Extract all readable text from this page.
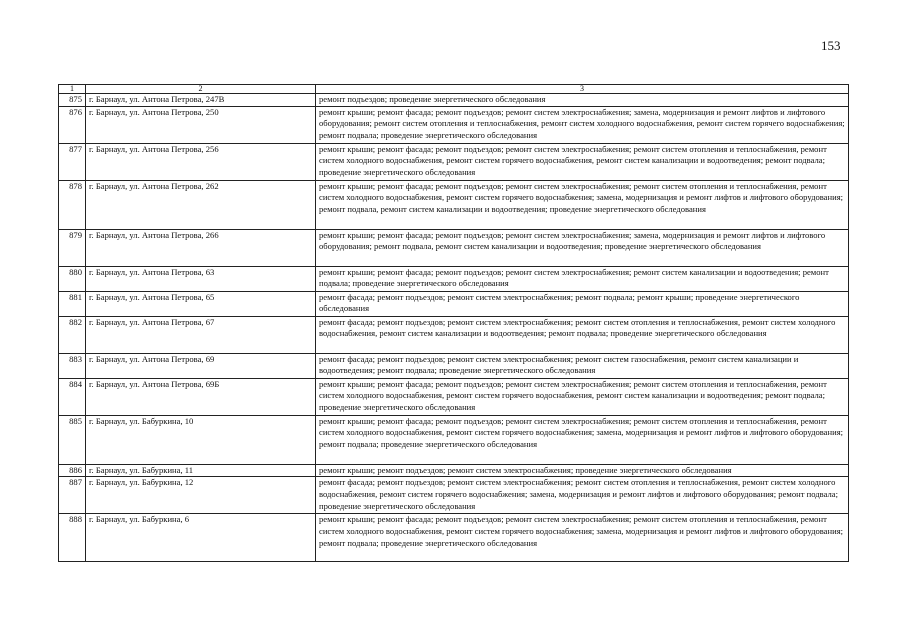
153
1	2	3
875	г. Барнаул, ул. Антона Петрова, 247В	ремонт подъездов; проведение энергетического обследования
876	г. Барнаул, ул. Антона Петрова, 250	ремонт крыши; ремонт фасада; ремонт подъездов; ремонт систем электроснабжения; замена, модернизация и ремонт лифтов и лифтового оборудования; ремонт систем отопления и теплоснабжения, ремонт систем холодного водоснабжения, ремонт систем горячего водоснабжения; ремонт подвала; проведение энергетического обследования
877	г. Барнаул, ул. Антона Петрова, 256	ремонт крыши; ремонт фасада; ремонт подъездов; ремонт систем электроснабжения; ремонт систем отопления и теплоснабжения, ремонт систем холодного водоснабжения, ремонт систем горячего водоснабжения, ремонт систем канализации и водоотведения; ремонт подвала; проведение энергетического обследования
878	г. Барнаул, ул. Антона Петрова, 262	ремонт крыши; ремонт фасада; ремонт подъездов; ремонт систем электроснабжения; ремонт систем отопления и теплоснабжения, ремонт систем холодного водоснабжения, ремонт систем горячего водоснабжения; замена, модернизация и ремонт лифтов и лифтового оборудования; ремонт подвала, ремонт систем канализации и водоотведения; проведение энергетического обследования
879	г. Барнаул, ул. Антона Петрова, 266	ремонт крыши; ремонт фасада; ремонт подъездов; ремонт систем электроснабжения; замена, модернизация и ремонт лифтов и лифтового оборудования; ремонт подвала, ремонт систем канализации и водоотведения; проведение энергетического обследования
880	г. Барнаул, ул. Антона Петрова, 63	ремонт крыши; ремонт фасада; ремонт подъездов; ремонт систем электроснабжения; ремонт систем канализации и водоотведения; ремонт подвала; проведение энергетического обследования
881	г. Барнаул, ул. Антона Петрова, 65	ремонт фасада; ремонт подъездов; ремонт систем электроснабжения; ремонт подвала; ремонт крыши; проведение энергетического обследования
882	г. Барнаул, ул. Антона Петрова, 67	ремонт фасада; ремонт подъездов; ремонт систем электроснабжения; ремонт систем отопления и теплоснабжения, ремонт систем холодного водоснабжения, ремонт систем канализации и водоотведения; ремонт подвала; проведение энергетического обследования
883	г. Барнаул, ул. Антона Петрова, 69	ремонт фасада; ремонт подъездов; ремонт систем электроснабжения; ремонт систем газоснабжения, ремонт систем канализации и водоотведения; ремонт подвала; проведение энергетического обследования
884	г. Барнаул, ул. Антона Петрова, 69Б	ремонт крыши; ремонт фасада; ремонт подъездов; ремонт систем электроснабжения; ремонт систем отопления и теплоснабжения, ремонт систем холодного водоснабжения, ремонт систем горячего водоснабжения, ремонт систем канализации и водоотведения; ремонт подвала; проведение энергетического обследования
885	г. Барнаул, ул. Бабуркина, 10	ремонт крыши; ремонт фасада; ремонт подъездов; ремонт систем электроснабжения; ремонт систем отопления и теплоснабжения, ремонт систем холодного водоснабжения, ремонт систем горячего водоснабжения; замена, модернизация и ремонт лифтов и лифтового оборудования; ремонт подвала; проведение энергетического обследования
886	г. Барнаул, ул. Бабуркина, 11	ремонт крыши; ремонт подъездов; ремонт систем электроснабжения; проведение энергетического обследования
887	г. Барнаул, ул. Бабуркина, 12	ремонт фасада; ремонт подъездов; ремонт систем электроснабжения; ремонт систем отопления и теплоснабжения, ремонт систем холодного водоснабжения, ремонт систем горячего водоснабжения; замена, модернизация и ремонт лифтов и лифтового оборудования; ремонт подвала; проведение энергетического обследования
888	г. Барнаул, ул. Бабуркина, 6	ремонт крыши; ремонт фасада; ремонт подъездов; ремонт систем электроснабжения; ремонт систем отопления и теплоснабжения, ремонт систем холодного водоснабжения, ремонт систем горячего водоснабжения; замена, модернизация и ремонт лифтов и лифтового оборудования; ремонт подвала; проведение энергетического обследования
